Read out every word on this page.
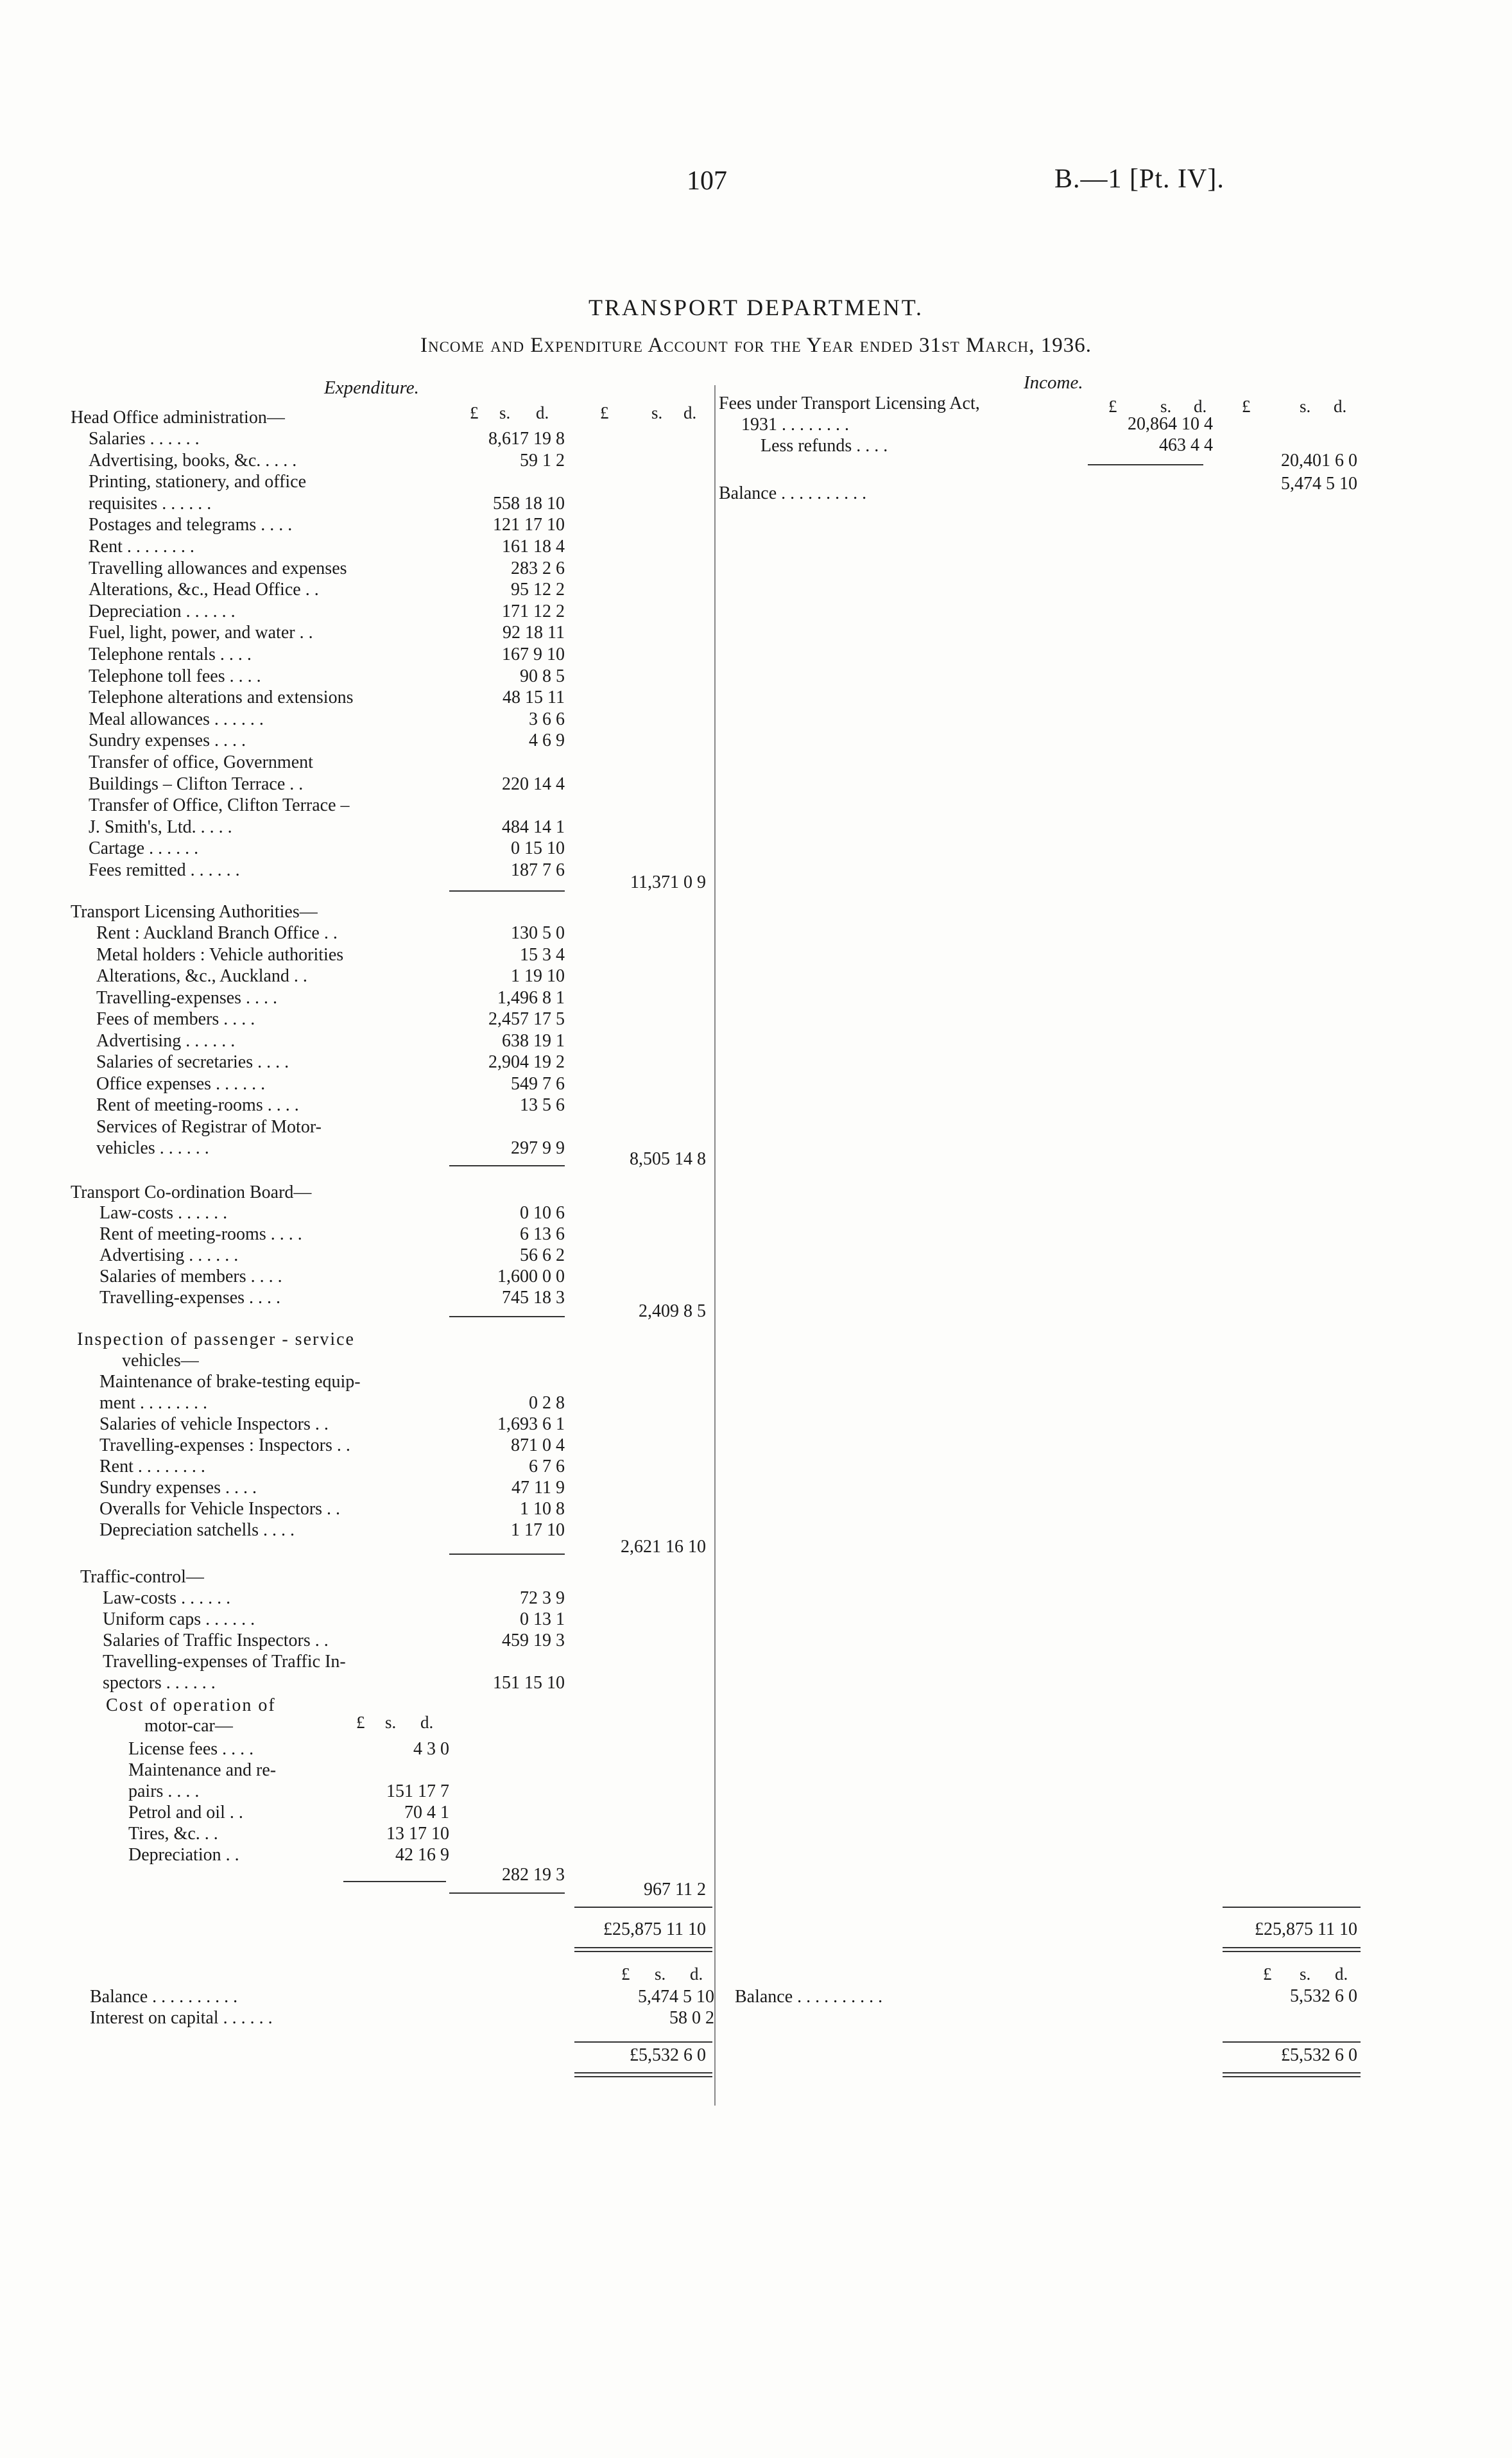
107	B.—1 [Pt. IV].
TRANSPORT DEPARTMENT.
Income and Expenditure Account for the Year ended 31st March, 1936.
Expenditure.	Income.
£ s. d.	£ s. d.	£	s. d. £	s. d.
Head Office administration—
Salaries . . . . . .	8,617 19 8
Advertising, books, &c. . . . .	59 1 2
Printing, stationery, and office
requisites . . . . . .	558 18 10
Postages and telegrams . . . .	121 17 10
Rent . . . . . . . .	161 18 4
Travelling allowances and expenses	283 2 6
Alterations, &c., Head Office . .	95 12 2
Depreciation . . . . . .	171 12 2
Fuel, light, power, and water . .	92 18 11
Telephone rentals . . . .	167 9 10
Telephone toll fees . . . .	90 8 5
Telephone alterations and extensions	48 15 11
Meal allowances . . . . . .	3 6 6
Sundry expenses . . . .	4 6 9
Transfer of office, Government
Buildings – Clifton Terrace . .	220 14 4
Transfer of Office, Clifton Terrace –
J. Smith's, Ltd. . . . .	484 14 1
Cartage . . . . . .	0 15 10
Fees remitted . . . . . .	187 7 6
11,371 0 9
Transport Licensing Authorities—
Rent : Auckland Branch Office . .	130 5 0
Metal holders : Vehicle authorities	15 3 4
Alterations, &c., Auckland . .	1 19 10
Travelling-expenses . . . .	1,496 8 1
Fees of members . . . .	2,457 17 5
Advertising . . . . . .	638 19 1
Salaries of secretaries . . . .	2,904 19 2
Office expenses . . . . . .	549 7 6
Rent of meeting-rooms . . . .	13 5 6
Services of Registrar of Motor-
vehicles . . . . . .	297 9 9
8,505 14 8
Transport Co-ordination Board—
Law-costs . . . . . .	0 10 6
Rent of meeting-rooms . . . .	6 13 6
Advertising . . . . . .	56 6 2
Salaries of members . . . .	1,600 0 0
Travelling-expenses . . . .	745 18 3
2,409 8 5
Inspection of passenger - service
vehicles—
Maintenance of brake-testing equip-
ment . . . . . . . .	0 2 8
Salaries of vehicle Inspectors . .	1,693 6 1
Travelling-expenses : Inspectors . .	871 0 4
Rent . . . . . . . .	6 7 6
Sundry expenses . . . .	47 11 9
Overalls for Vehicle Inspectors . .	1 10 8
Depreciation satchells . . . .	1 17 10
2,621 16 10
Traffic-control—
Law-costs . . . . . .	72 3 9
Uniform caps . . . . . .	0 13 1
Salaries of Traffic Inspectors . .	459 19 3
Travelling-expenses of Traffic In-
spectors . . . . . .	151 15 10
Cost of operation of
motor-car—	£ s. d.
License fees . . . .	4 3 0
Maintenance and re-
pairs . . . .	151 17 7
Petrol and oil . .	70 4 1
Tires, &c. . .	13 17 10
Depreciation . .	42 16 9
282 19 3
967 11 2
£25,875 11 10	£25,875 11 10
£ s. d.
Balance . . . . . . . . . .	5,474 5 10
Interest on capital . . . . . .	58 0 2
£5,532 6 0
Fees under Transport Licensing Act,
1931 . . . . . . . .	20,864 10 4
Less refunds . . . .	463 4 4
20,401 6 0
Balance . . . . . . . . . .	5,474 5 10
£ s. d.
Balance . . . . . . . . . .	5,532 6 0
£5,532 6 0
